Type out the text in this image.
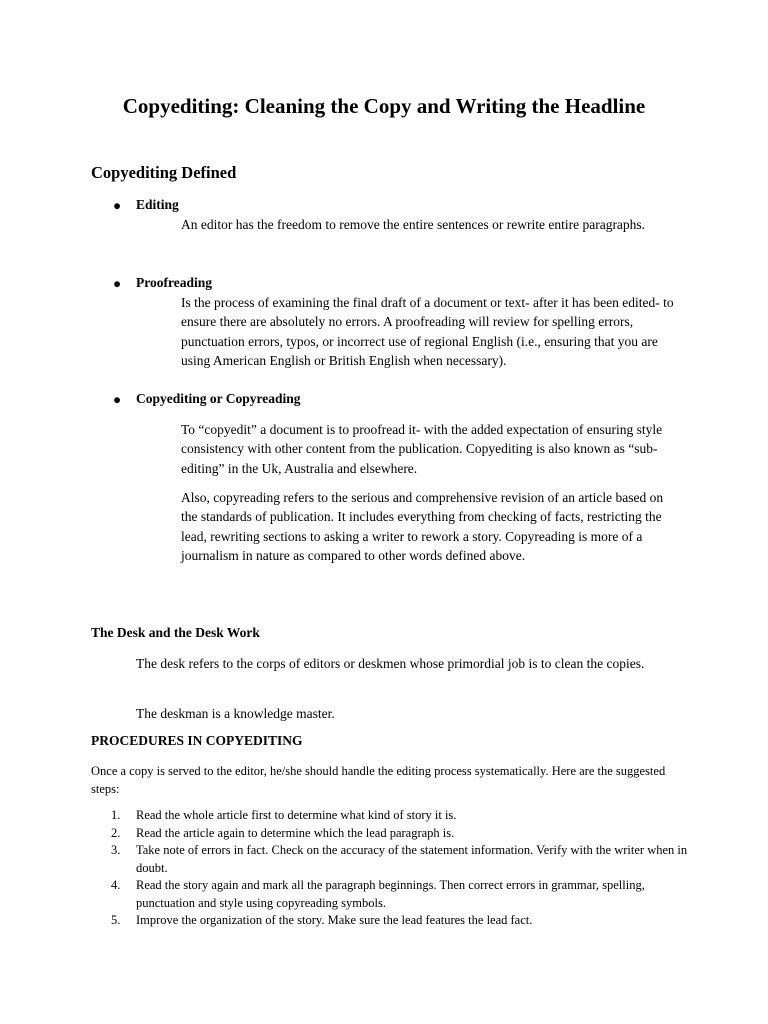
Copyediting: Cleaning the Copy and Writing the Headline
Copyediting Defined
● Editing

An editor has the freedom to remove the entire sentences or rewrite entire paragraphs.

● Proofreading

Is the process of examining the final draft of a document or text- after it has been edited- to ensure there are absolutely no errors. A proofreading will review for spelling errors, punctuation errors, typos, or incorrect use of regional English (i.e., ensuring that you are using American English or British English when necessary).

● Copyediting or Copyreading

To “copyedit” a document is to proofread it- with the added expectation of ensuring style consistency with other content from the publication. Copyediting is also known as “sub-editing” in the Uk, Australia and elsewhere.

Also, copyreading refers to the serious and comprehensive revision of an article based on the standards of publication. It includes everything from checking of facts, restricting the lead, rewriting sections to asking a writer to rework a story. Copyreading is more of a journalism in nature as compared to other words defined above.

The Desk and the Desk Work

The desk refers to the corps of editors or deskmen whose primordial job is to clean the copies.

The deskman is a knowledge master.

PROCEDURES IN COPYEDITING

Once a copy is served to the editor, he/she should handle the editing process systematically. Here are the suggested steps:

1. Read the whole article first to determine what kind of story it is.
2. Read the article again to determine which the lead paragraph is.
3. Take note of errors in fact. Check on the accuracy of the statement information. Verify with the writer when in doubt.
4. Read the story again and mark all the paragraph beginnings. Then correct errors in grammar, spelling, punctuation and style using copyreading symbols.
5. Improve the organization of the story. Make sure the lead features the lead fact.
